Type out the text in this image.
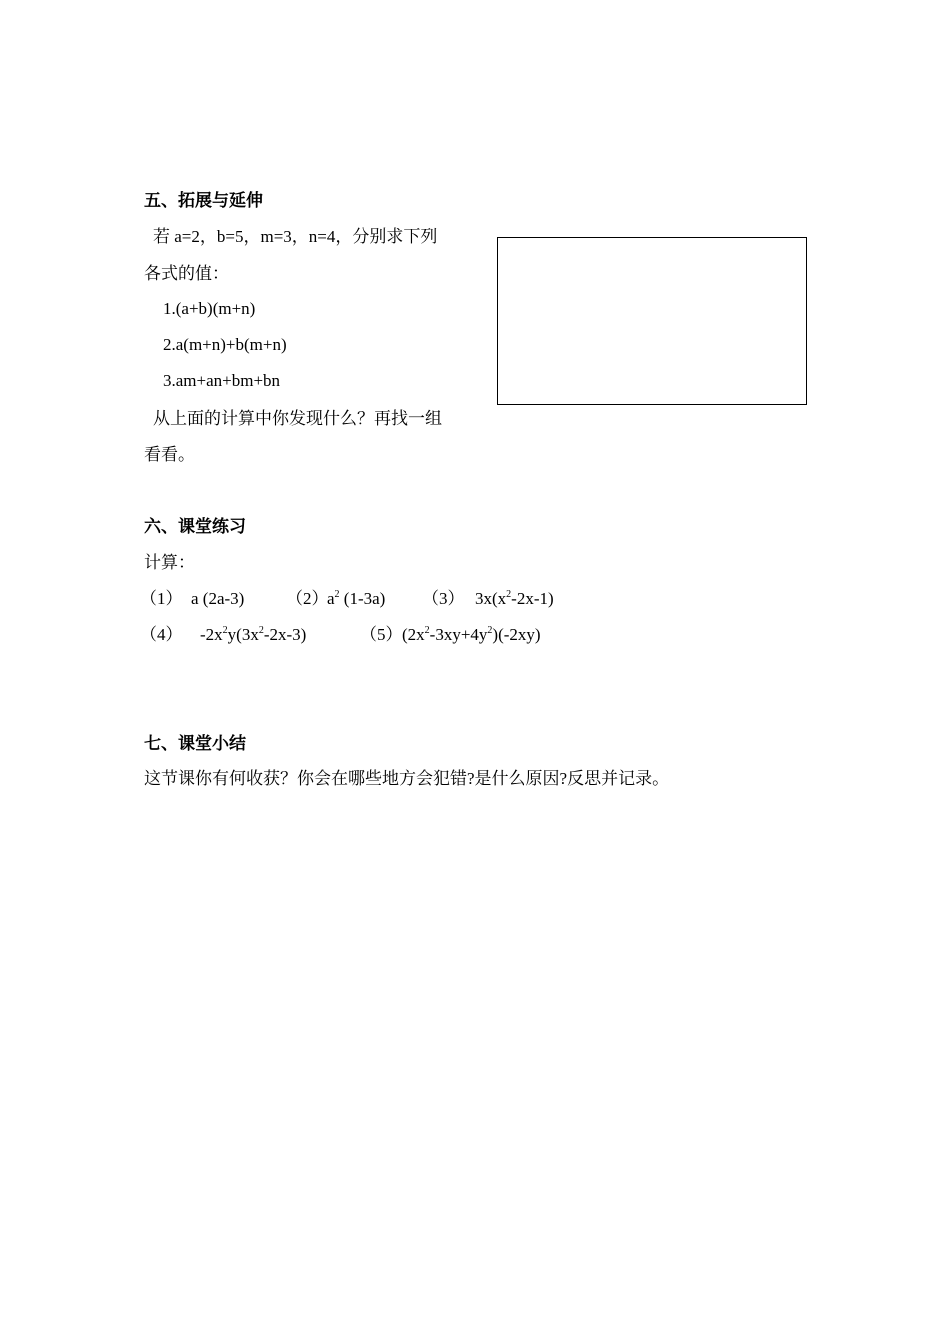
五、拓展与延伸
若 a=2，b=5，m=3，n=4，分别求下列
各式的值：
1.(a+b)(m+n)
2.a(m+n)+b(m+n)
3.am+an+bm+bn
从上面的计算中你发现什么？再找一组
看看。
六、课堂练习
计算：
（1） a (2a-3) （2）
$a^2$ (1-3a) （3） $3x(x^2-2x-1)$
（4） $-2x^2y(3x^2-2x-3)$	（5） $(2x^2-3xy+4y^2)(-2xy)$
七、课堂小结
这节课你有何收获？你会在哪些地方会犯错?是什么原因?反思并记录。
